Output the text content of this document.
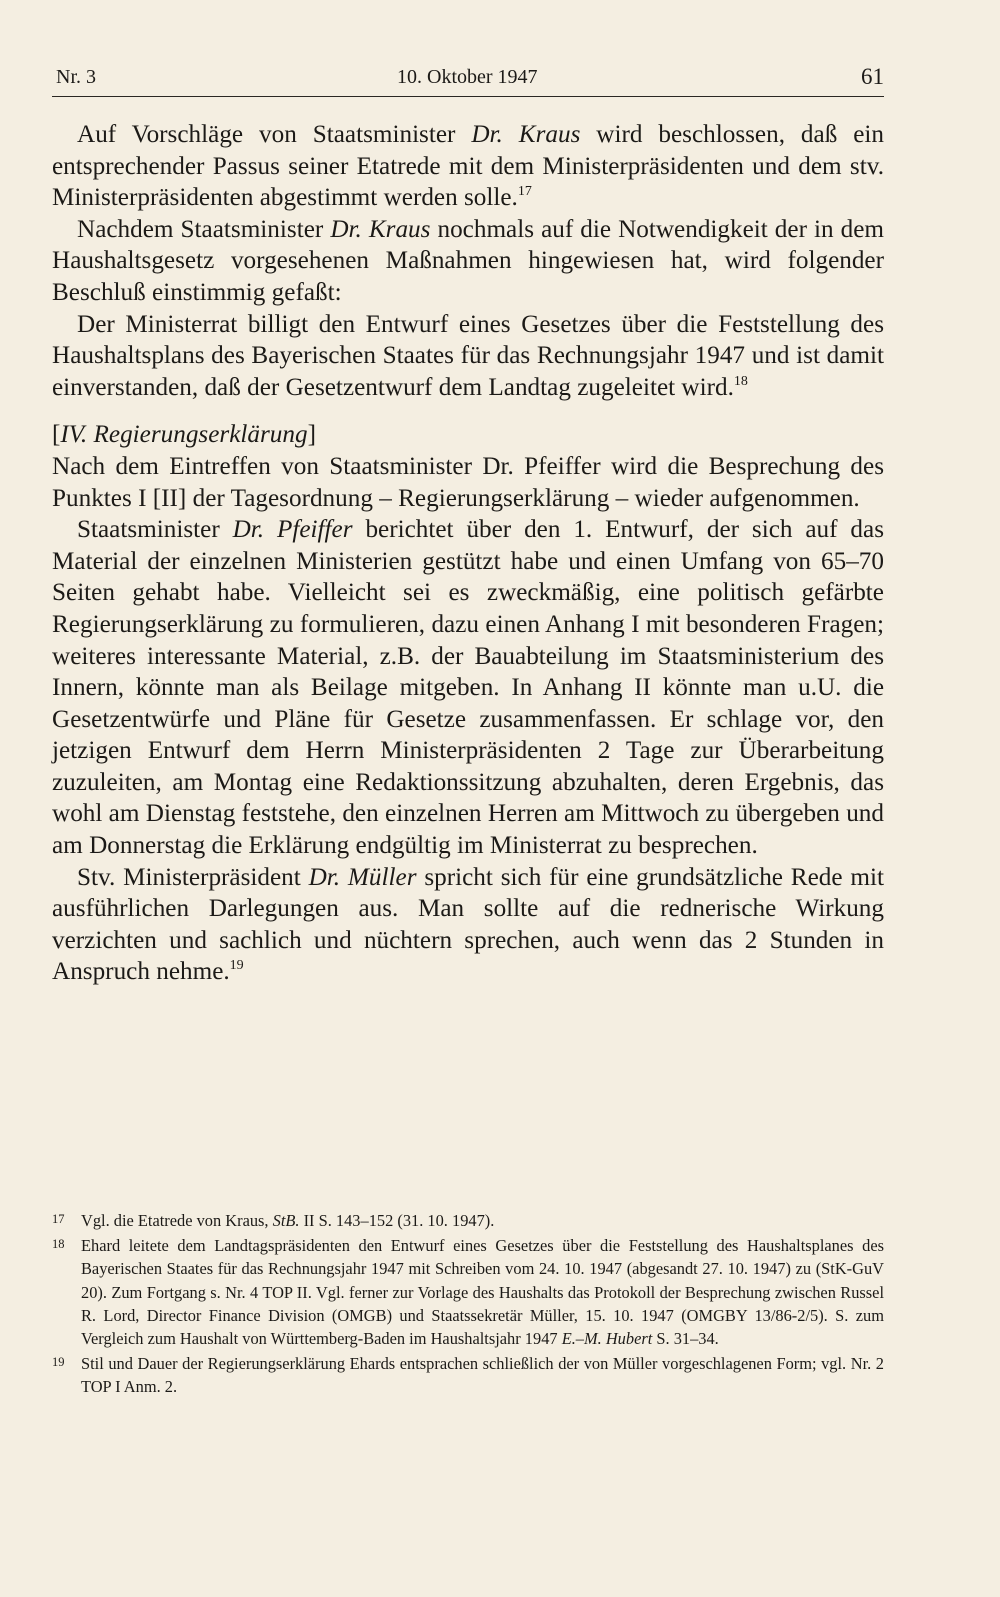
Nr. 3	10. Oktober 1947	61

Auf Vorschläge von Staatsminister Dr. Kraus wird beschlossen, daß ein entsprechender Passus seiner Etatrede mit dem Ministerpräsidenten und dem stv. Ministerpräsidenten abgestimmt werden solle.$^{17}$

Nachdem Staatsminister Dr. Kraus nochmals auf die Notwendigkeit der in dem Haushaltsgesetz vorgesehenen Maßnahmen hingewiesen hat, wird folgender Beschluß einstimmig gefaßt:

Der Ministerrat billigt den Entwurf eines Gesetzes über die Feststellung des Haushaltsplans des Bayerischen Staates für das Rechnungsjahr 1947 und ist damit einverstanden, daß der Gesetzentwurf dem Landtag zugeleitet wird.$^{18}$

[IV. Regierungserklärung]

Nach dem Eintreffen von Staatsminister Dr. Pfeiffer wird die Besprechung des Punktes I [II] der Tagesordnung – Regierungserklärung – wieder aufgenommen.

Staatsminister Dr. Pfeiffer berichtet über den 1. Entwurf, der sich auf das Material der einzelnen Ministerien gestützt habe und einen Umfang von 65–70 Seiten gehabt habe. Vielleicht sei es zweckmäßig, eine politisch gefärbte Regierungserklärung zu formulieren, dazu einen Anhang I mit besonderen Fragen; weiteres interessante Material, z.B. der Bauabteilung im Staatsministerium des Innern, könnte man als Beilage mitgeben. In Anhang II könnte man u.U. die Gesetzentwürfe und Pläne für Gesetze zusammenfassen. Er schlage vor, den jetzigen Entwurf dem Herrn Ministerpräsidenten 2 Tage zur Überarbeitung zuzuleiten, am Montag eine Redaktionssitzung abzuhalten, deren Ergebnis, das wohl am Dienstag feststehe, den einzelnen Herren am Mittwoch zu übergeben und am Donnerstag die Erklärung endgültig im Ministerrat zu besprechen.

Stv. Ministerpräsident Dr. Müller spricht sich für eine grundsätzliche Rede mit ausführlichen Darlegungen aus. Man sollte auf die rednerische Wirkung verzichten und sachlich und nüchtern sprechen, auch wenn das 2 Stunden in Anspruch nehme.$^{19}$

17 Vgl. die Etatrede von Kraus, StB. II S. 143–152 (31. 10. 1947).

18 Ehard leitete dem Landtagspräsidenten den Entwurf eines Gesetzes über die Feststellung des Haushaltsplanes des Bayerischen Staates für das Rechnungsjahr 1947 mit Schreiben vom 24. 10. 1947 (abgesandt 27. 10. 1947) zu (StK-GuV 20). Zum Fortgang s. Nr. 4 TOP II. Vgl. ferner zur Vorlage des Haushalts das Protokoll der Besprechung zwischen Russel R. Lord, Director Finance Division (OMGB) und Staatssekretär Müller, 15. 10. 1947 (OMGBY 13/86-2/5). S. zum Vergleich zum Haushalt von Württemberg-Baden im Haushaltsjahr 1947 E.–M. Hubert S. 31–34.

19 Stil und Dauer der Regierungserklärung Ehards entsprachen schließlich der von Müller vorgeschlagenen Form; vgl. Nr. 2 TOP I Anm. 2.
